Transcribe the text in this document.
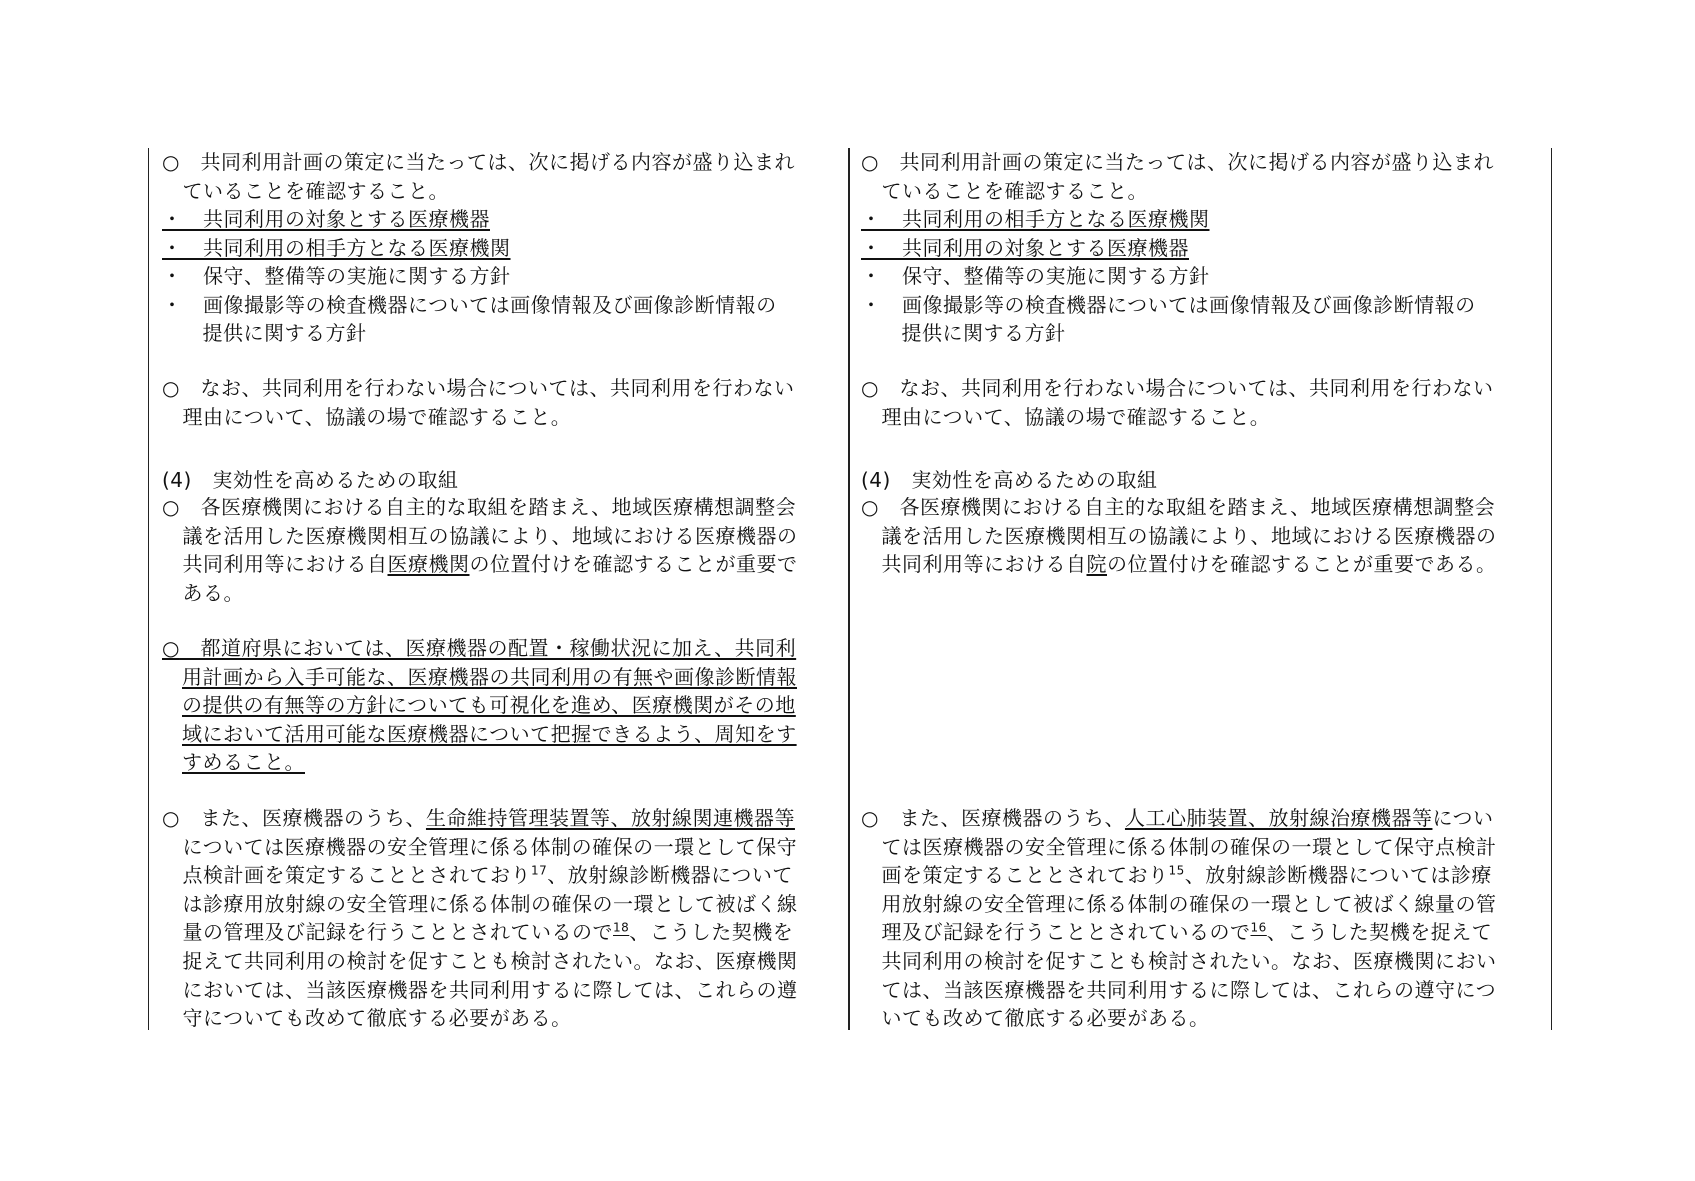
○　共同利用計画の策定に当たっては、次に掲げる内容が盛り込まれ
　ていることを確認すること。
・　共同利用の対象とする医療機器
・　共同利用の相手方となる医療機関
・　保守、整備等の実施に関する方針
・　画像撮影等の検査機器については画像情報及び画像診断情報の
　提供に関する方針
○　なお、共同利用を行わない場合については、共同利用を行わない
　理由について、協議の場で確認すること。
(4)　実効性を高めるための取組
○　各医療機関における自主的な取組を踏まえ、地域医療構想調整会
　議を活用した医療機関相互の協議により、地域における医療機器の
　共同利用等における自医療機関の位置付けを確認することが重要で
　ある。
○　都道府県においては、医療機器の配置・稼働状況に加え、共同利
用計画から入手可能な、医療機器の共同利用の有無や画像診断情報
の提供の有無等の方針についても可視化を進め、医療機関がその地
域において活用可能な医療機器について把握できるよう、周知をす
すめること。
○　また、医療機器のうち、生命維持管理装置等、放射線関連機器等
　については医療機器の安全管理に係る体制の確保の一環として保守
　点検計画を策定することとされており$^{17}$、放射線診断機器について
　は診療用放射線の安全管理に係る体制の確保の一環として被ばく線
　量の管理及び記録を行うこととされているので$^{18}$、こうした契機を
　捉えて共同利用の検討を促すことも検討されたい。なお、医療機関
　においては、当該医療機器を共同利用するに際しては、これらの遵
　守についても改めて徹底する必要がある。
○　共同利用計画の策定に当たっては、次に掲げる内容が盛り込まれ
　ていることを確認すること。
・　共同利用の相手方となる医療機関
・　共同利用の対象とする医療機器
・　保守、整備等の実施に関する方針
・　画像撮影等の検査機器については画像情報及び画像診断情報の
　提供に関する方針
○　なお、共同利用を行わない場合については、共同利用を行わない
　理由について、協議の場で確認すること。
(4)　実効性を高めるための取組
○　各医療機関における自主的な取組を踏まえ、地域医療構想調整会
　議を活用した医療機関相互の協議により、地域における医療機器の
　共同利用等における自院の位置付けを確認することが重要である。
○　また、医療機器のうち、人工心肺装置、放射線治療機器等につい
　ては医療機器の安全管理に係る体制の確保の一環として保守点検計
　画を策定することとされており$^{15}$、放射線診断機器については診療
　用放射線の安全管理に係る体制の確保の一環として被ばく線量の管
　理及び記録を行うこととされているので$^{16}$、こうした契機を捉えて
　共同利用の検討を促すことも検討されたい。なお、医療機関におい
　ては、当該医療機器を共同利用するに際しては、これらの遵守につ
　いても改めて徹底する必要がある。
